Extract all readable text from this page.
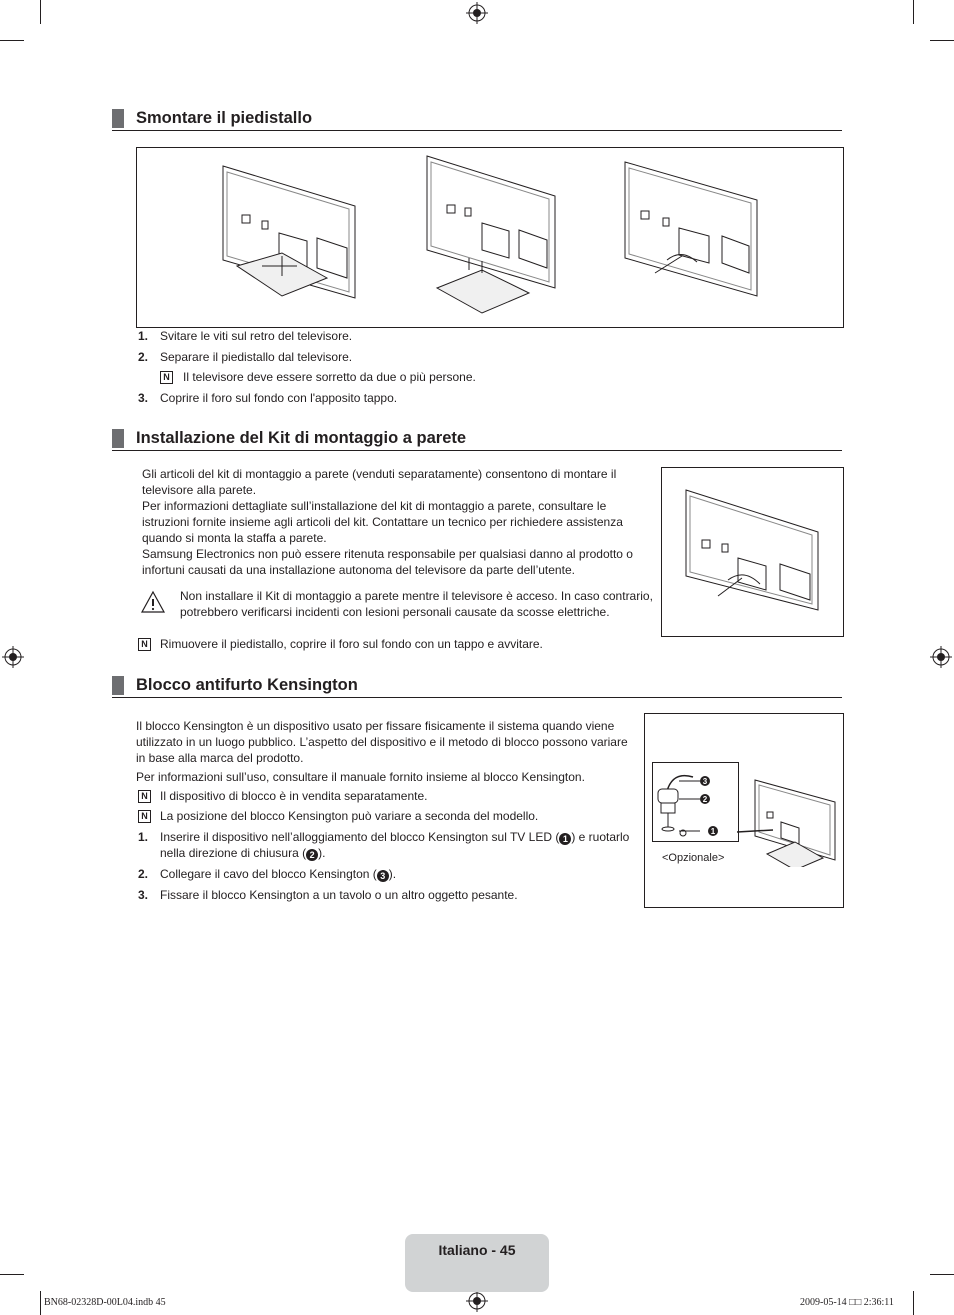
Smontare il piedistallo
1. Svitare le viti sul retro del televisore.
2. Separare il piedistallo dal televisore.
N Il televisore deve essere sorretto da due o più persone.
3. Coprire il foro sul fondo con l'apposito tappo.
Installazione del Kit di montaggio a parete
Gli articoli del kit di montaggio a parete (venduti separatamente) consentono di montare il
televisore alla parete.
Per informazioni dettagliate sull’installazione del kit di montaggio a parete, consultare le
istruzioni fornite insieme agli articoli del kit. Contattare un tecnico per richiedere assistenza
quando si monta la staffa a parete.
Samsung Electronics non può essere ritenuta responsabile per qualsiasi danno al prodotto o
infortuni causati da una installazione autonoma del televisore da parte dell’utente.
Non installare il Kit di montaggio a parete mentre il televisore è acceso. In caso contrario,
potrebbero verificarsi incidenti con lesioni personali causate da scosse elettriche.
N Rimuovere il piedistallo, coprire il foro sul fondo con un tappo e avvitare.
Blocco antifurto Kensington
Il blocco Kensington è un dispositivo usato per fissare fisicamente il sistema quando viene
utilizzato in un luogo pubblico. L’aspetto del dispositivo e il metodo di blocco possono variare
in base alla marca del prodotto.
Per informazioni sull’uso, consultare il manuale fornito insieme al blocco Kensington.
N Il dispositivo di blocco è in vendita separatamente.
N La posizione del blocco Kensington può variare a seconda del modello.
1. Inserire il dispositivo nell’alloggiamento del blocco Kensington sul TV LED ( 1 ) e ruotarlo
nella direzione di chiusura ( 2 ).
2. Collegare il cavo del blocco Kensington ( 3 ).
3. Fissare il blocco Kensington a un tavolo o un altro oggetto pesante.
3
2
1
<Opzionale>
Italiano - 45
BN68-02328D-00L04.indb 45	2009-05-14 □□ 2:36:11
